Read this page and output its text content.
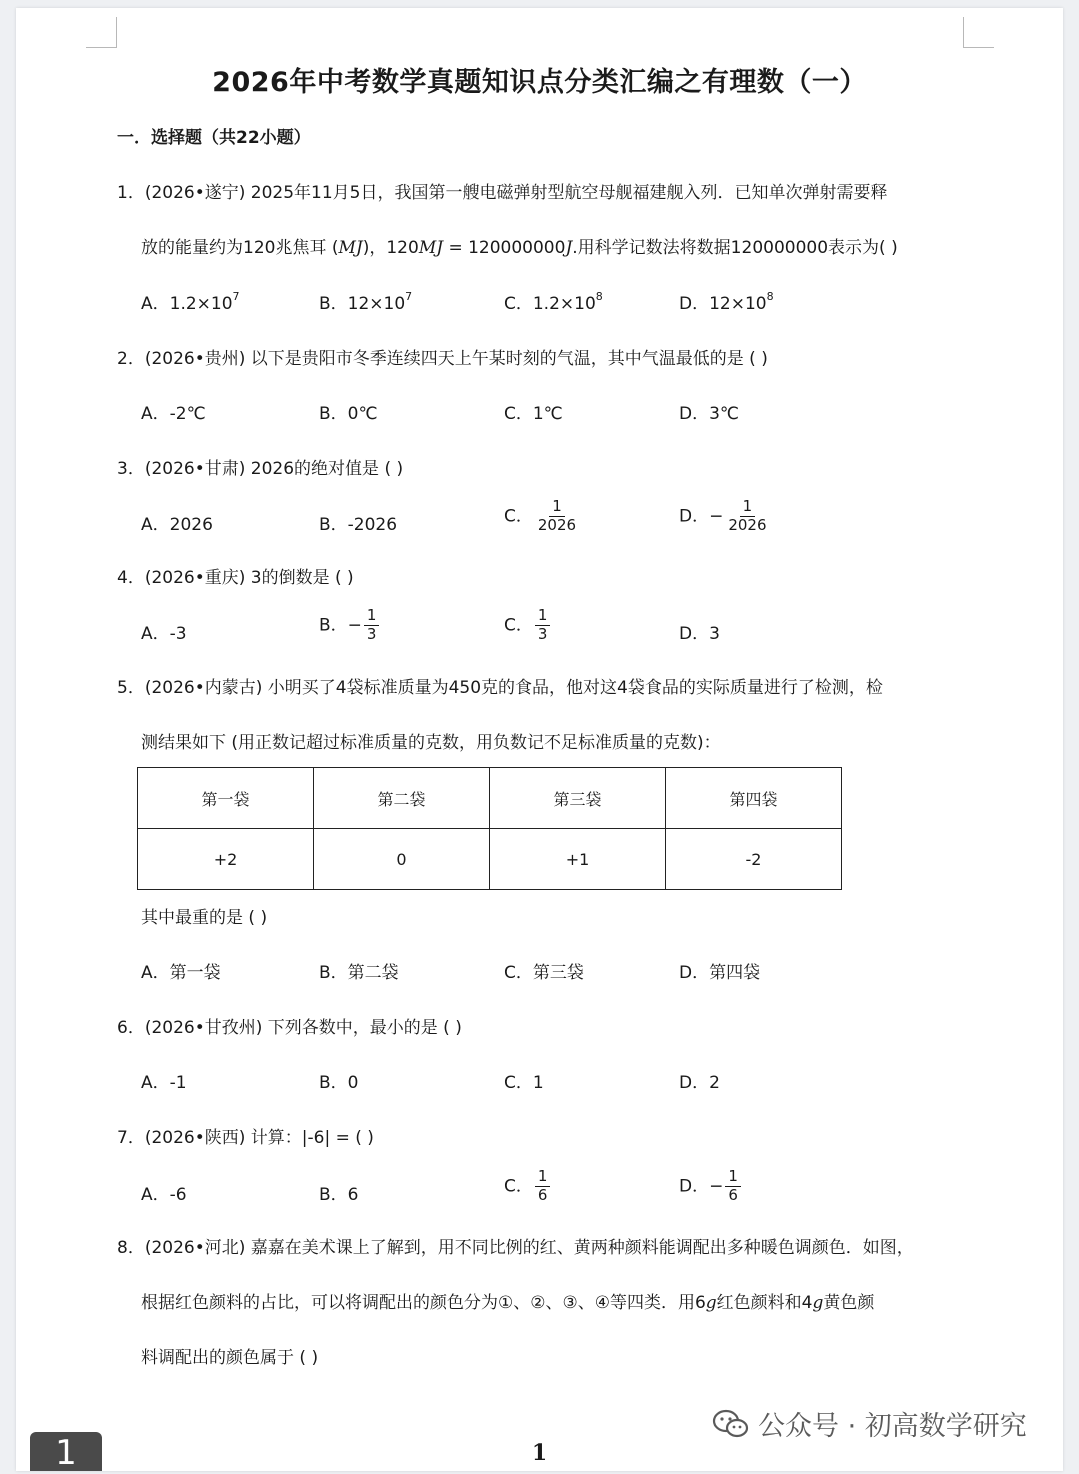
2026年中考数学真题知识点分类汇编之有理数（一）
一．选择题（共22小题）
1．(2026•遂宁) 2025年11月5日，我国第一艘电磁弹射型航空母舰福建舰入列．已知单次弹射需要释
放的能量约为120兆焦耳 (MJ)，120MJ = 120000000J.用科学记数法将数据120000000表示为( )
A．$1.2\times 10^7$	B．$12\times 10^7$	C．$1.2\times 10^8$	D．$12\times 10^8$
2．(2026•贵州) 以下是贵阳市冬季连续四天上午某时刻的气温，其中气温最低的是 ( )
A．-2℃	B．0℃	C．1℃	D．3℃
3．(2026•甘肃) 2026的绝对值是 ( )
A．2026	B．-2026	C． $\frac{1}{2026}$	D．− $\frac{1}{2026}$
4．(2026•重庆) 3的倒数是 ( )
A．-3	B．− $\frac{1}{3}$	C． $\frac{1}{3}$	D．3
5．(2026•内蒙古) 小明买了4袋标准质量为450克的食品，他对这4袋食品的实际质量进行了检测，检
测结果如下 (用正数记超过标准质量的克数，用负数记不足标准质量的克数)：
第一袋	第二袋	第三袋	第四袋
+2	0	+1	-2
其中最重的是 ( )
A．第一袋	B．第二袋	C．第三袋	D．第四袋
6．(2026•甘孜州) 下列各数中，最小的是 ( )
A．-1	B．0	C．1	D．2
7．(2026•陕西) 计算：|-6| = ( )
A．-6	B．6	C． $\frac{1}{6}$	D．− $\frac{1}{6}$
8．(2026•河北) 嘉嘉在美术课上了解到，用不同比例的红、黄两种颜料能调配出多种暖色调颜色．如图，
根据红色颜料的占比，可以将调配出的颜色分为①、②、③、④等四类．用6g红色颜料和4g黄色颜
料调配出的颜色属于 ( )
1
1
公众号 · 初高数学研究
